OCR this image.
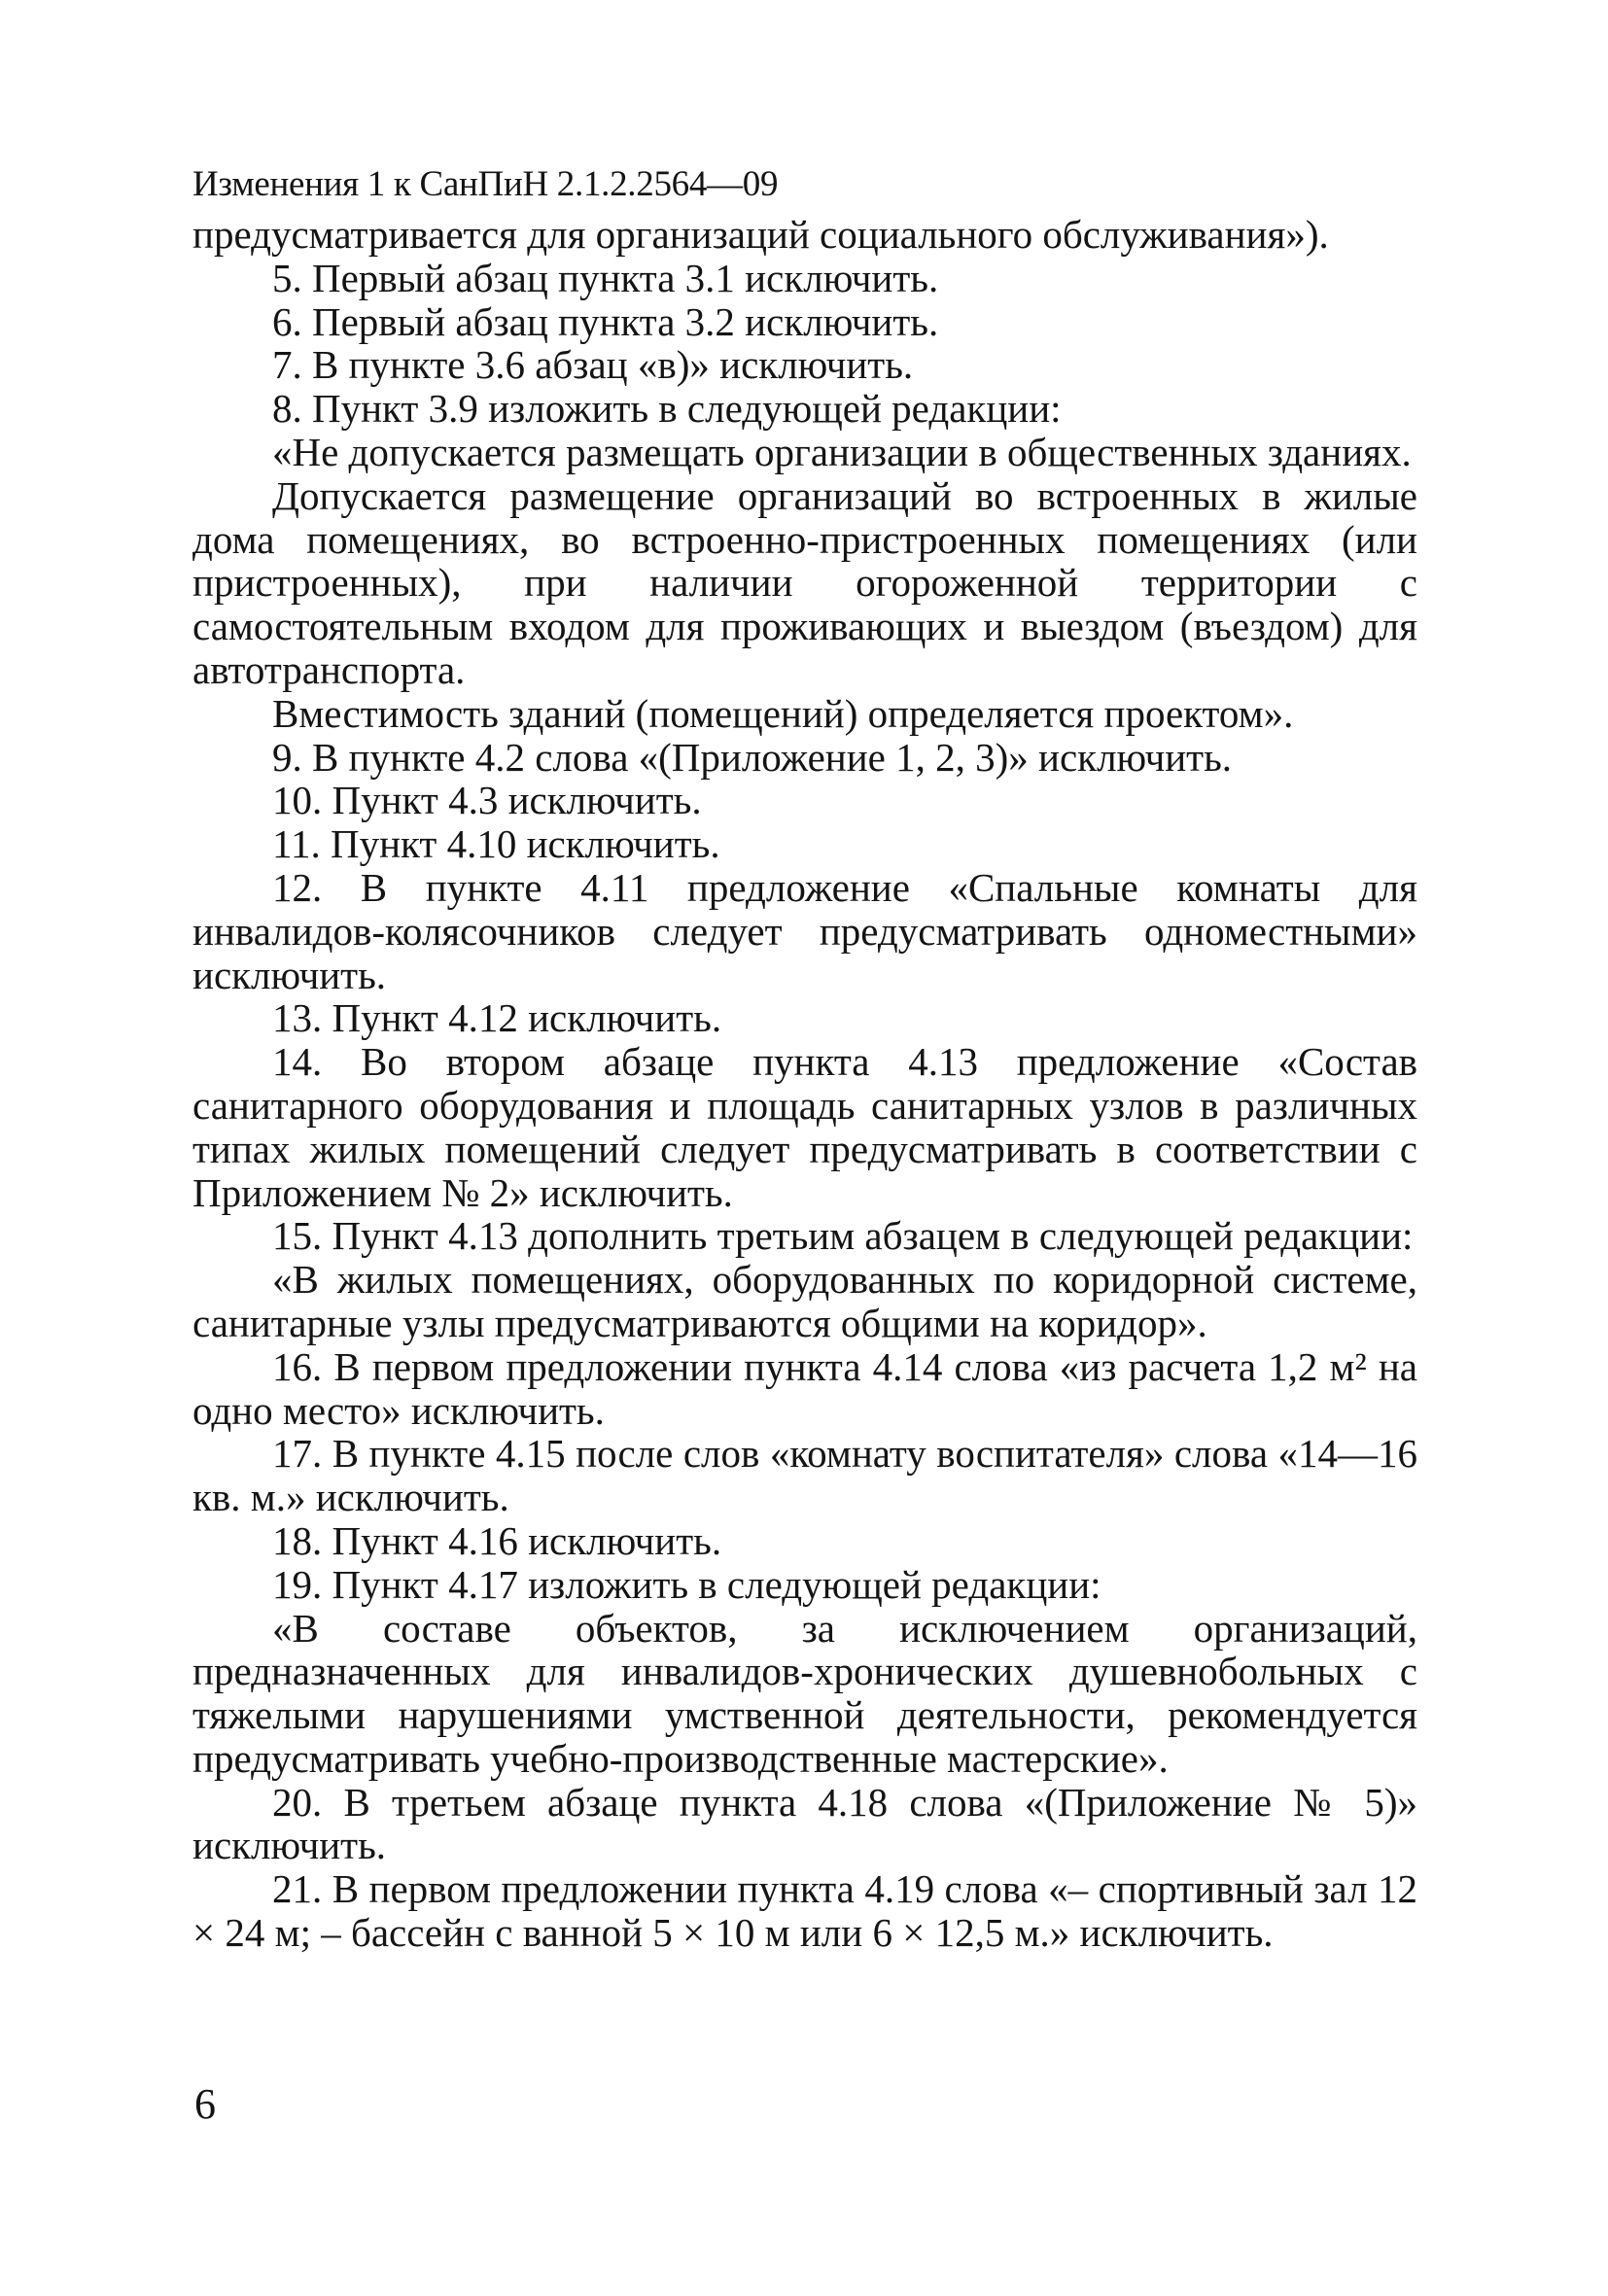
Изменения 1 к СанПиН 2.1.2.2564—09

предусматривается для организаций социального обслуживания»).

5. Первый абзац пункта 3.1 исключить.

6. Первый абзац пункта 3.2 исключить.

7. В пункте 3.6 абзац «в)» исключить.

8. Пункт 3.9 изложить в следующей редакции:

«Не допускается размещать организации в общественных зданиях.

Допускается размещение организаций во встроенных в жилые дома помещениях, во встроенно-пристроенных помещениях (или пристроенных), при наличии огороженной территории с самостоятельным входом для проживающих и выездом (въездом) для автотранспорта.

Вместимость зданий (помещений) определяется проектом».

9. В пункте 4.2 слова «(Приложение 1, 2, 3)» исключить.

10. Пункт 4.3 исключить.

11. Пункт 4.10 исключить.

12. В пункте 4.11 предложение «Спальные комнаты для инвалидов-колясочников следует предусматривать одноместными» исключить.

13. Пункт 4.12 исключить.

14. Во втором абзаце пункта 4.13 предложение «Состав санитарного оборудования и площадь санитарных узлов в различных типах жилых помещений следует предусматривать в соответствии с Приложением № 2» исключить.

15. Пункт 4.13 дополнить третьим абзацем в следующей редакции:

«В жилых помещениях, оборудованных по коридорной системе, санитарные узлы предусматриваются общими на коридор».

16. В первом предложении пункта 4.14 слова «из расчета 1,2 м² на одно место» исключить.

17. В пункте 4.15 после слов «комнату воспитателя» слова «14—16 кв. м.» исключить.

18. Пункт 4.16 исключить.

19. Пункт 4.17 изложить в следующей редакции:

«В составе объектов, за исключением организаций, предназначенных для инвалидов-хронических душевнобольных с тяжелыми нарушениями умственной деятельности, рекомендуется предусматривать учебно-производственные мастерские».

20. В третьем абзаце пункта 4.18 слова «(Приложение № 5)» исключить.

21. В первом предложении пункта 4.19 слова «– спортивный зал 12 × 24 м; – бассейн с ванной 5 × 10 м или 6 × 12,5 м.» исключить.

6
